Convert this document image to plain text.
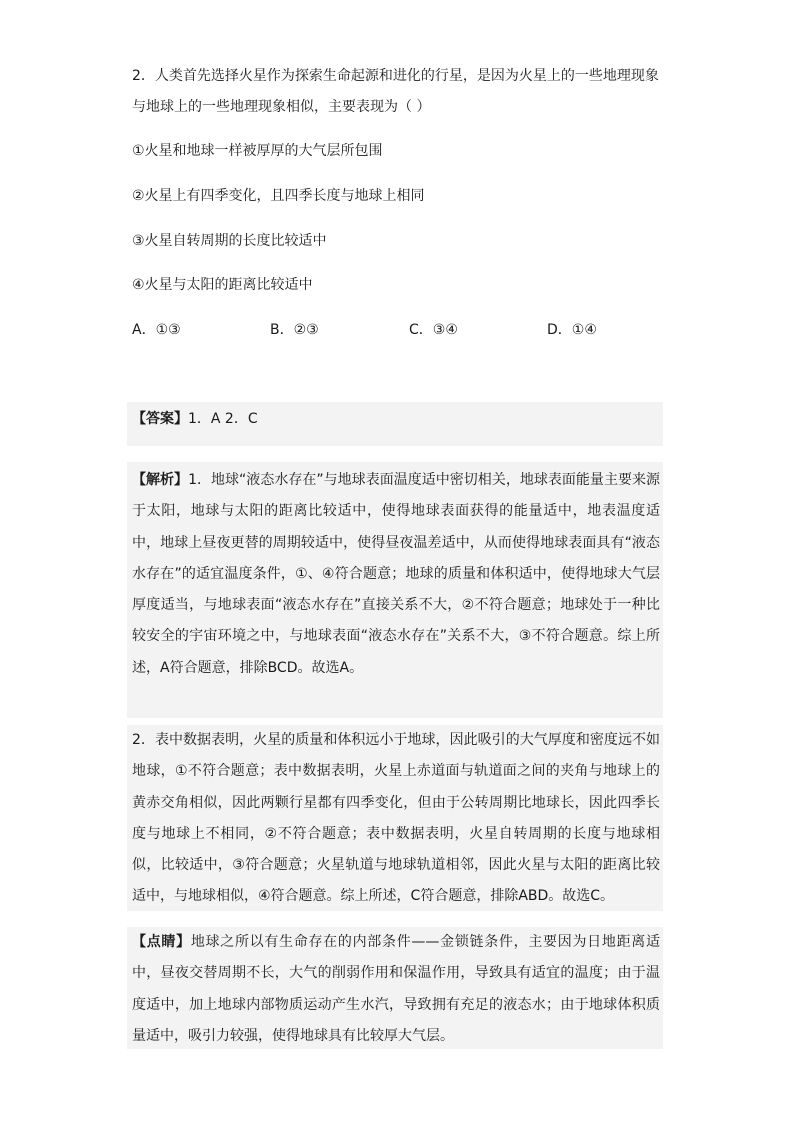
2．人类首先选择火星作为探索生命起源和进化的行星，是因为火星上的一些地理现象
与地球上的一些地理现象相似，主要表现为（ ）
①火星和地球一样被厚厚的大气层所包围
②火星上有四季变化，且四季长度与地球上相同
③火星自转周期的长度比较适中
④火星与太阳的距离比较适中
A．①③	B．②③	C．③④	D．①④
【答案】1．A 2．C
【解析】1．地球“液态水存在”与地球表面温度适中密切相关，地球表面能量主要来源于太阳，地球与太阳的距离比较适中，使得地球表面获得的能量适中，地表温度适中，地球上昼夜更替的周期较适中，使得昼夜温差适中，从而使得地球表面具有“液态水存在”的适宜温度条件，①、④符合题意；地球的质量和体积适中，使得地球大气层厚度适当，与地球表面“液态水存在”直接关系不大，②不符合题意；地球处于一种比较安全的宇宙环境之中，与地球表面“液态水存在”关系不大，③不符合题意。综上所述，A符合题意，排除BCD。故选A。
2．表中数据表明，火星的质量和体积远小于地球，因此吸引的大气厚度和密度远不如地球，①不符合题意；表中数据表明，火星上赤道面与轨道面之间的夹角与地球上的黄赤交角相似，因此两颗行星都有四季变化，但由于公转周期比地球长，因此四季长度与地球上不相同，②不符合题意；表中数据表明，火星自转周期的长度与地球相似，比较适中，③符合题意；火星轨道与地球轨道相邻，因此火星与太阳的距离比较适中，与地球相似，④符合题意。综上所述，C符合题意，排除ABD。故选C。
【点睛】地球之所以有生命存在的内部条件——金锁链条件，主要因为日地距离适中，昼夜交替周期不长，大气的削弱作用和保温作用，导致具有适宜的温度；由于温度适中，加上地球内部物质运动产生水汽，导致拥有充足的液态水；由于地球体积质量适中，吸引力较强，使得地球具有比较厚大气层。
